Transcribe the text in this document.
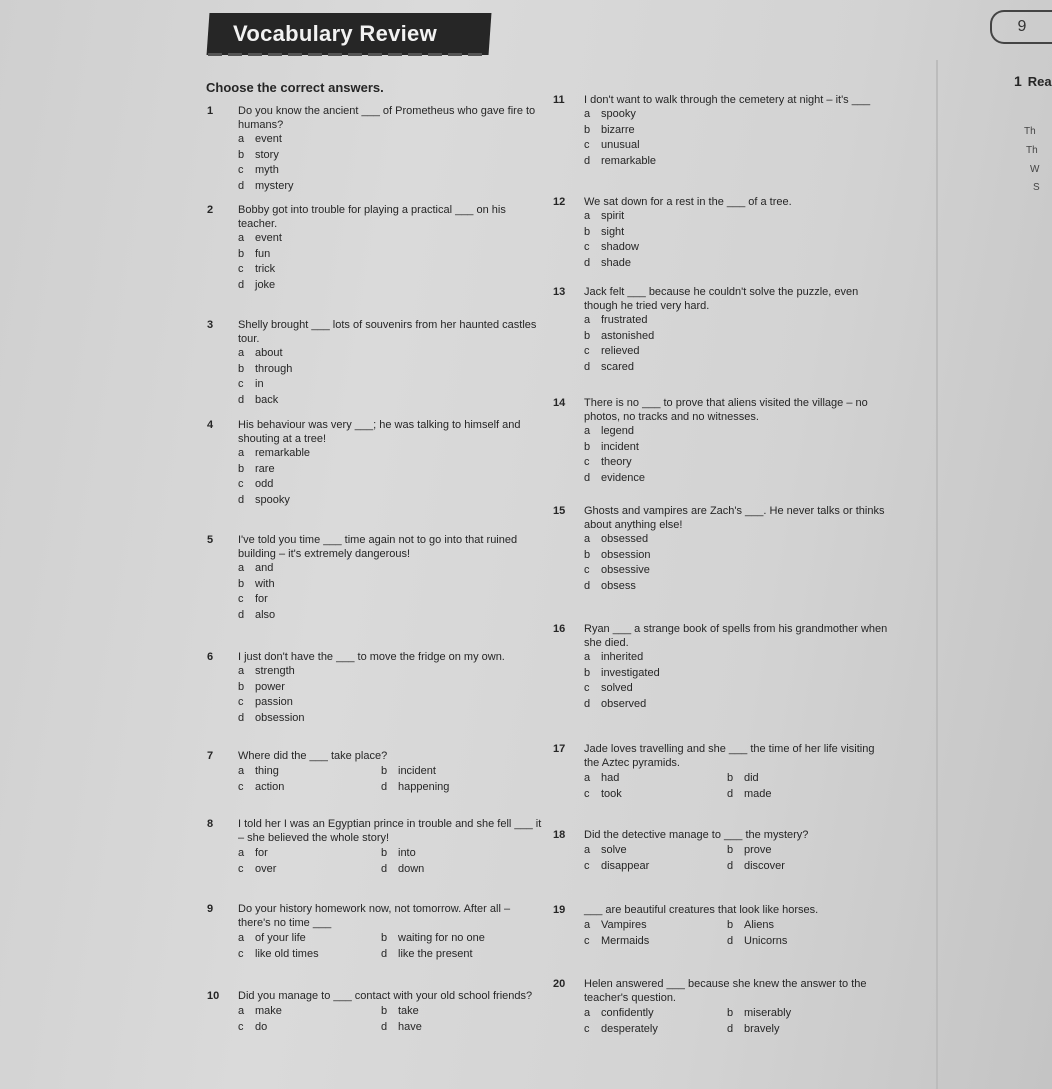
Vocabulary Review	9
Choose the correct answers.	1 Rea
Th
Th
W
S
1 Do you know the ancient ___ of Prometheus who gave fire to humans?
a event
b story
c myth
d mystery
2 Bobby got into trouble for playing a practical ___ on his teacher.
a event
b fun
c trick
d joke
3 Shelly brought ___ lots of souvenirs from her haunted castles tour.
a about
b through
c in
d back
4 His behaviour was very ___; he was talking to himself and shouting at a tree!
a remarkable
b rare
c odd
d spooky
5 I've told you time ___ time again not to go into that ruined building – it's extremely dangerous!
a and
b with
c for
d also
6 I just don't have the ___ to move the fridge on my own.
a strength
b power
c passion
d obsession
7 Where did the ___ take place?
a thing	b incident
c action	d happening
8 I told her I was an Egyptian prince in trouble and she fell ___ it – she believed the whole story!
a for	b into
c over	d down
9 Do your history homework now, not tomorrow. After all – there's no time ___
a of your life	b waiting for no one
c like old times	d like the present
10 Did you manage to ___ contact with your old school friends?
a make	b take
c do	d have
11 I don't want to walk through the cemetery at night – it's ___
a spooky
b bizarre
c unusual
d remarkable
12 We sat down for a rest in the ___ of a tree.
a spirit
b sight
c shadow
d shade
13 Jack felt ___ because he couldn't solve the puzzle, even though he tried very hard.
a frustrated
b astonished
c relieved
d scared
14 There is no ___ to prove that aliens visited the village – no photos, no tracks and no witnesses.
a legend
b incident
c theory
d evidence
15 Ghosts and vampires are Zach's ___. He never talks or thinks about anything else!
a obsessed
b obsession
c obsessive
d obsess
16 Ryan ___ a strange book of spells from his grandmother when she died.
a inherited
b investigated
c solved
d observed
17 Jade loves travelling and she ___ the time of her life visiting the Aztec pyramids.
a had	b did
c took	d made
18 Did the detective manage to ___ the mystery?
a solve	b prove
c disappear	d discover
19 ___ are beautiful creatures that look like horses.
a Vampires	b Aliens
c Mermaids	d Unicorns
20 Helen answered ___ because she knew the answer to the teacher's question.
a confidently	b miserably
c desperately	d bravely
